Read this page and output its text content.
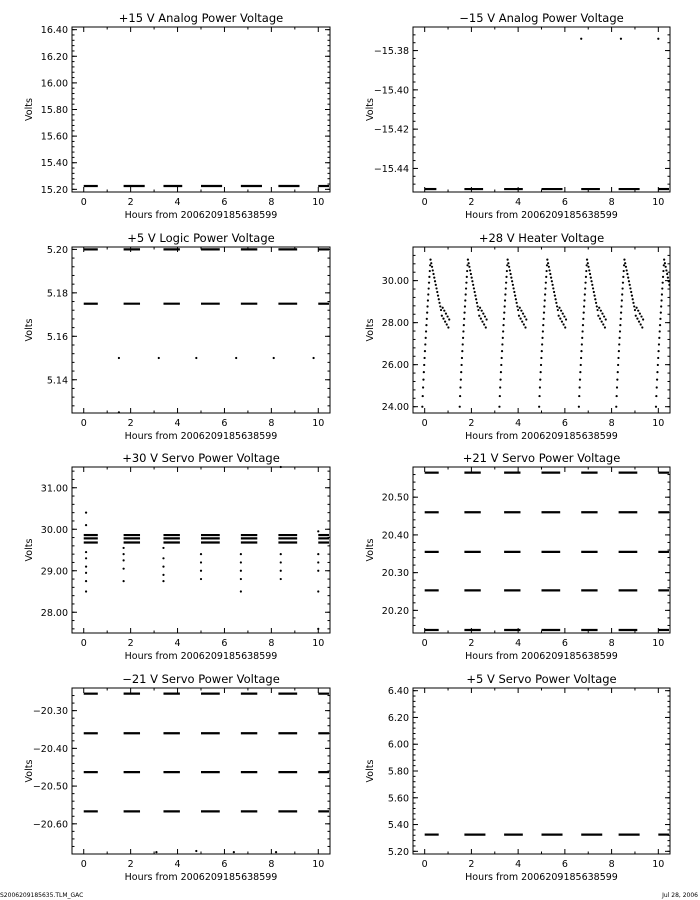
+15 V Analog Power Voltage
0	2	4	6	8	10
15.20
15.40
15.60
15.80
16.00
16.20
16.40
Hours from 2006209185638599
Volts
−15 V Analog Power Voltage
0	2	4	6	8	10
−15.44
−15.42
−15.40
−15.38
Hours from 2006209185638599
Volts
+5 V Logic Power Voltage
0	2	4	6	8	10
5.14
5.16
5.18
5.20
Hours from 2006209185638599
Volts
+28 V Heater Voltage
0	2	4	6	8	10
24.00
26.00
28.00
30.00
Hours from 2006209185638599
Volts
+30 V Servo Power Voltage
0	2	4	6	8	10
28.00
29.00
30.00
31.00
Hours from 2006209185638599
Volts
+21 V Servo Power Voltage
0	2	4	6	8	10
20.20
20.30
20.40
20.50
Hours from 2006209185638599
Volts
−21 V Servo Power Voltage
0	2	4	6	8	10
−20.60
−20.50
−20.40
−20.30
Hours from 2006209185638599
Volts
+5 V Servo Power Voltage
0	2	4	6	8	10
5.20
5.40
5.60
5.80
6.00
6.20
6.40
Hours from 2006209185638599
Volts
S2006209185635.TLM_GAC	Jul 28, 2006
